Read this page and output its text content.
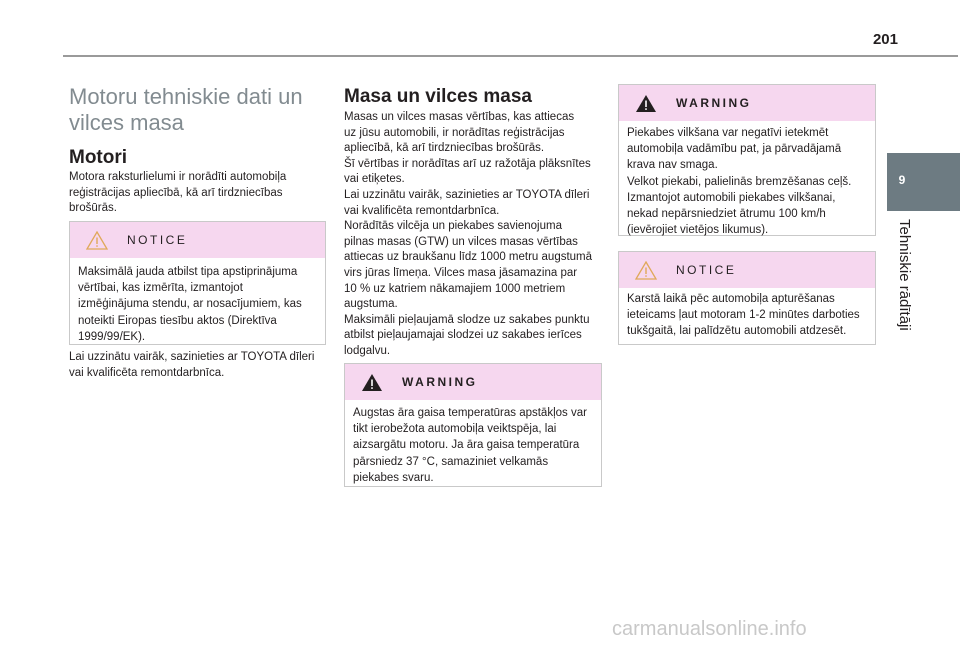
201
9
Tehniskie rādītāji
Motoru tehniskie dati un vilces masa
Motori
Motora raksturlielumi ir norādīti automobiļa
reģistrācijas apliecībā, kā arī tirdzniecības
brošūrās.
NOTICE
Maksimālā jauda atbilst tipa apstiprinājuma
vērtībai, kas izmērīta, izmantojot
izmēģinājuma stendu, ar nosacījumiem, kas
noteikti Eiropas tiesību aktos (Direktīva
1999/99/EK).
Lai uzzinātu vairāk, sazinieties ar TOYOTA dīleri
vai kvalificēta remontdarbnīca.
Masa un vilces masa
Masas un vilces masas vērtības, kas attiecas
uz jūsu automobili, ir norādītas reģistrācijas
apliecībā, kā arī tirdzniecības brošūrās.
Šī vērtības ir norādītas arī uz ražotāja plāksnītes
vai etiķetes.
Lai uzzinātu vairāk, sazinieties ar TOYOTA dīleri
vai kvalificēta remontdarbnīca.
Norādītās vilcēja un piekabes savienojuma
pilnas masas (GTW) un vilces masas vērtības
attiecas uz braukšanu līdz 1000 metru augstumā
virs jūras līmeņa. Vilces masa jāsamazina par
10 % uz katriem nākamajiem 1000 metriem
augstuma.
Maksimāli pieļaujamā slodze uz sakabes punktu
atbilst pieļaujamajai slodzei uz sakabes ierīces
lodgalvu.
WARNING
Augstas āra gaisa temperatūras apstākļos var
tikt ierobežota automobiļa veiktspēja, lai
aizsargātu motoru. Ja āra gaisa temperatūra
pārsniedz 37 °C, samaziniet velkamās
piekabes svaru.
WARNING
Piekabes vilkšana var negatīvi ietekmēt
automobiļa vadāmību pat, ja pārvadājamā
krava nav smaga.
Velkot piekabi, palielinās bremzēšanas ceļš.
Izmantojot automobili piekabes vilkšanai,
nekad nepārsniedziet ātrumu 100 km/h
(ievērojiet vietējos likumus).
NOTICE
Karstā laikā pēc automobiļa apturēšanas
ieteicams ļaut motoram 1-2 minūtes darboties
tukšgaitā, lai palīdzētu automobili atdzesēt.
carmanualsonline.info
